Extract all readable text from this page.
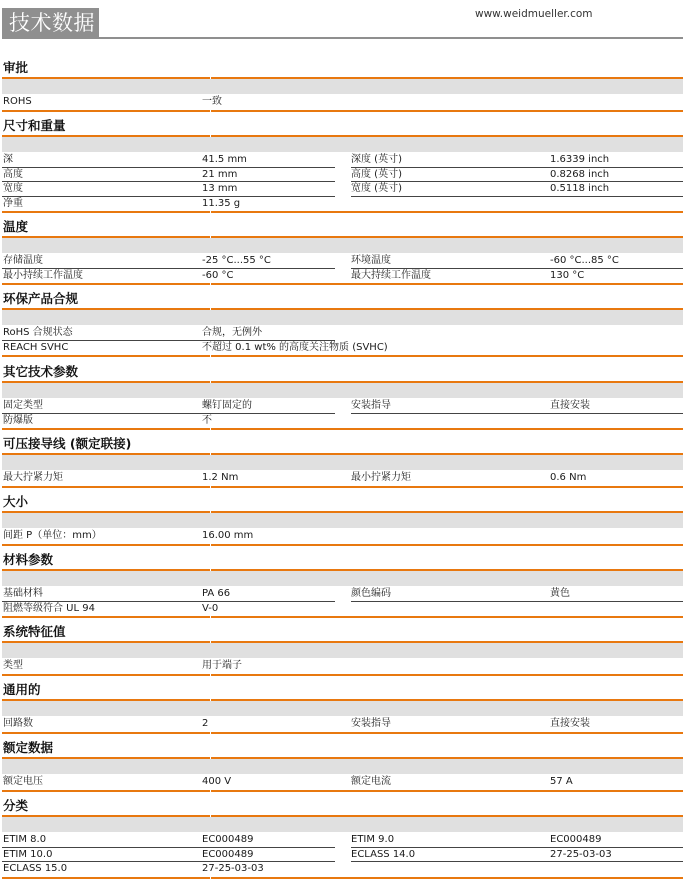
技术数据	www.weidmueller.com
审批
ROHS	一致
尺寸和重量
深	41.5 mm	深度 (英寸)	1.6339 inch
高度	21 mm	高度 (英寸)	0.8268 inch
宽度	13 mm	宽度 (英寸)	0.5118 inch
净重	11.35 g
温度
存储温度	-25 °C...55 °C	环境温度	-60 °C...85 °C
最小持续工作温度	-60 °C	最大持续工作温度	130 °C
环保产品合规
RoHS 合规状态	合规，无例外
REACH SVHC	不超过 0.1 wt% 的高度关注物质 (SVHC)
其它技术参数
固定类型	螺钉固定的	安装指导	直接安装
防爆版	不
可压接导线 (额定联接)
最大拧紧力矩	1.2 Nm	最小拧紧力矩	0.6 Nm
大小
间距 P（单位：mm）	16.00 mm
材料参数
基础材料	PA 66	颜色编码	黄色
阻燃等级符合 UL 94	V-0
系统特征值
类型	用于端子
通用的
回路数	2	安装指导	直接安装
额定数据
额定电压	400 V	额定电流	57 A
分类
ETIM 8.0	EC000489	ETIM 9.0	EC000489
ETIM 10.0	EC000489	ECLASS 14.0	27-25-03-03
ECLASS 15.0	27-25-03-03
